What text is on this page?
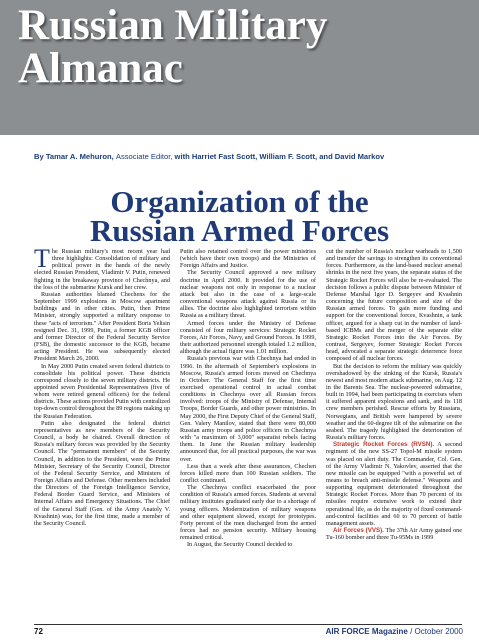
Russian Military
Almanac
By Tamar A. Mehuron, Associate Editor, with Harriet Fast Scott, William F. Scott, and David Markov
Organization of the
Russian Armed Forces

The Russian military's most recent year had three highlights: Consolidation of military and political power in the hands of the newly elected Russian President, Vladimir V. Putin, renewed fighting in the breakaway province of Chechnya, and the loss of the submarine Kursk and her crew.

Russian authorities blamed Chechens for the September 1999 explosions in Moscow apartment buildings and in other cities. Putin, then Prime Minister, strongly supported a military response to these "acts of terrorism." After President Boris Yeltsin resigned Dec. 31, 1999, Putin, a former KGB officer and former Director of the Federal Security Service (FSB), the domestic successor to the KGB, became acting President. He was subsequently elected President March 26, 2000.

In May 2000 Putin created seven federal districts to consolidate his political power. These districts correspond closely to the seven military districts. He appointed seven Presidential Representatives (five of whom were retired general officers) for the federal districts. These actions provided Putin with centralized top-down control throughout the 89 regions making up the Russian Federation.

Putin also designated the federal district representatives as new members of the Security Council, a body he chaired. Overall direction of Russia's military forces was provided by the Security Council. The "permanent members" of the Security Council, in addition to the President, were the Prime Minister, Secretary of the Security Council, Director of the Federal Security Service, and Ministers of Foreign Affairs and Defense. Other members included the Directors of the Foreign Intelligence Service, Federal Border Guard Service, and Ministers of Internal Affairs and Emergency Situations. The Chief of the General Staff (Gen. of the Army Anatoly V. Kvashnin) was, for the first time, made a member of the Security Council.

Putin also retained control over the power ministries (which have their own troops) and the Ministries of Foreign Affairs and Justice.

The Security Council approved a new military doctrine in April 2000. It provided for the use of nuclear weapons not only in response to a nuclear attack but also in the case of a large-scale conventional weapons attack against Russia or its allies. The doctrine also highlighted terrorism within Russia as a military threat.

Armed forces under the Ministry of Defense consisted of four military services: Strategic Rocket Forces, Air Forces, Navy, and Ground Forces. In 1999, their authorized personnel strength totaled 1.2 million, although the actual figure was 1.01 million.

Russia's previous war with Chechnya had ended in 1996. In the aftermath of September's explosions in Moscow, Russia's armed forces moved on Chechnya in October. The General Staff for the first time exercised operational control in actual combat conditions in Chechnya over all Russian forces involved: troops of the Ministry of Defense, Internal Troops, Border Guards, and other power ministries. In May 2000, the First Deputy Chief of the General Staff, Gen. Valery Manilov, stated that there were 80,000 Russian army troops and police officers in Chechnya with "a maximum of 3,000" separatist rebels facing them. In June the Russian military leadership announced that, for all practical purposes, the war was over.

Less than a week after these assurances, Chechen forces killed more than 100 Russian soldiers. The conflict continued.

The Chechnya conflict exacerbated the poor condition of Russia's armed forces. Students at several military institutes graduated early due to a shortage of young officers. Modernization of military weapons and other equipment slowed, except for prototypes. Forty percent of the men discharged from the armed forces had no pension security. Military housing remained critical.

In August, the Security Council decided to

cut the number of Russia's nuclear warheads to 1,500 and transfer the savings to strengthen its conventional forces. Furthermore, as the land-based nuclear arsenal shrinks in the next five years, the separate status of the Strategic Rocket Forces will also be re-evaluated. The decision follows a public dispute between Minister of Defense Marshal Igor D. Sergeyev and Kvashnin concerning the future composition and size of the Russian armed forces. To gain more funding and support for the conventional forces, Kvashnin, a tank officer, argued for a sharp cut in the number of land-based ICBMs and the merger of the separate elite Strategic Rocket Forces into the Air Forces. By contrast, Sergeyev, former Strategic Rocket Forces head, advocated a separate strategic deterrence force composed of all nuclear forces.

But the decision to reform the military was quickly overshadowed by the sinking of the Kursk, Russia's newest and most modern attack submarine, on Aug. 12 in the Barents Sea. The nuclear-powered submarine, built in 1994, had been participating in exercises when it suffered apparent explosions and sank, and its 118 crew members perished. Rescue efforts by Russians, Norwegians, and British were hampered by severe weather and the 60-degree tilt of the submarine on the seabed. The tragedy highlighted the deterioration of Russia's military forces.

Strategic Rocket Forces (RVSN). A second regiment of the new SS-27 Topol-M missile system was placed on alert duty. The Commander, Col. Gen. of the Army Vladimir N. Yakovlev, asserted that the new missile can be equipped "with a powerful set of means to breach anti-missile defense." Weapons and supporting equipment deteriorated throughout the Strategic Rocket Forces. More than 70 percent of its missiles require extensive work to extend their operational life, as do the majority of fixed command-and-control facilities and 60 to 70 percent of battle management assets.

Air Forces (VVS). The 37th Air Army gained one Tu-160 bomber and three Tu-95Ms in 1999

72	AIR FORCE Magazine / October 2000
